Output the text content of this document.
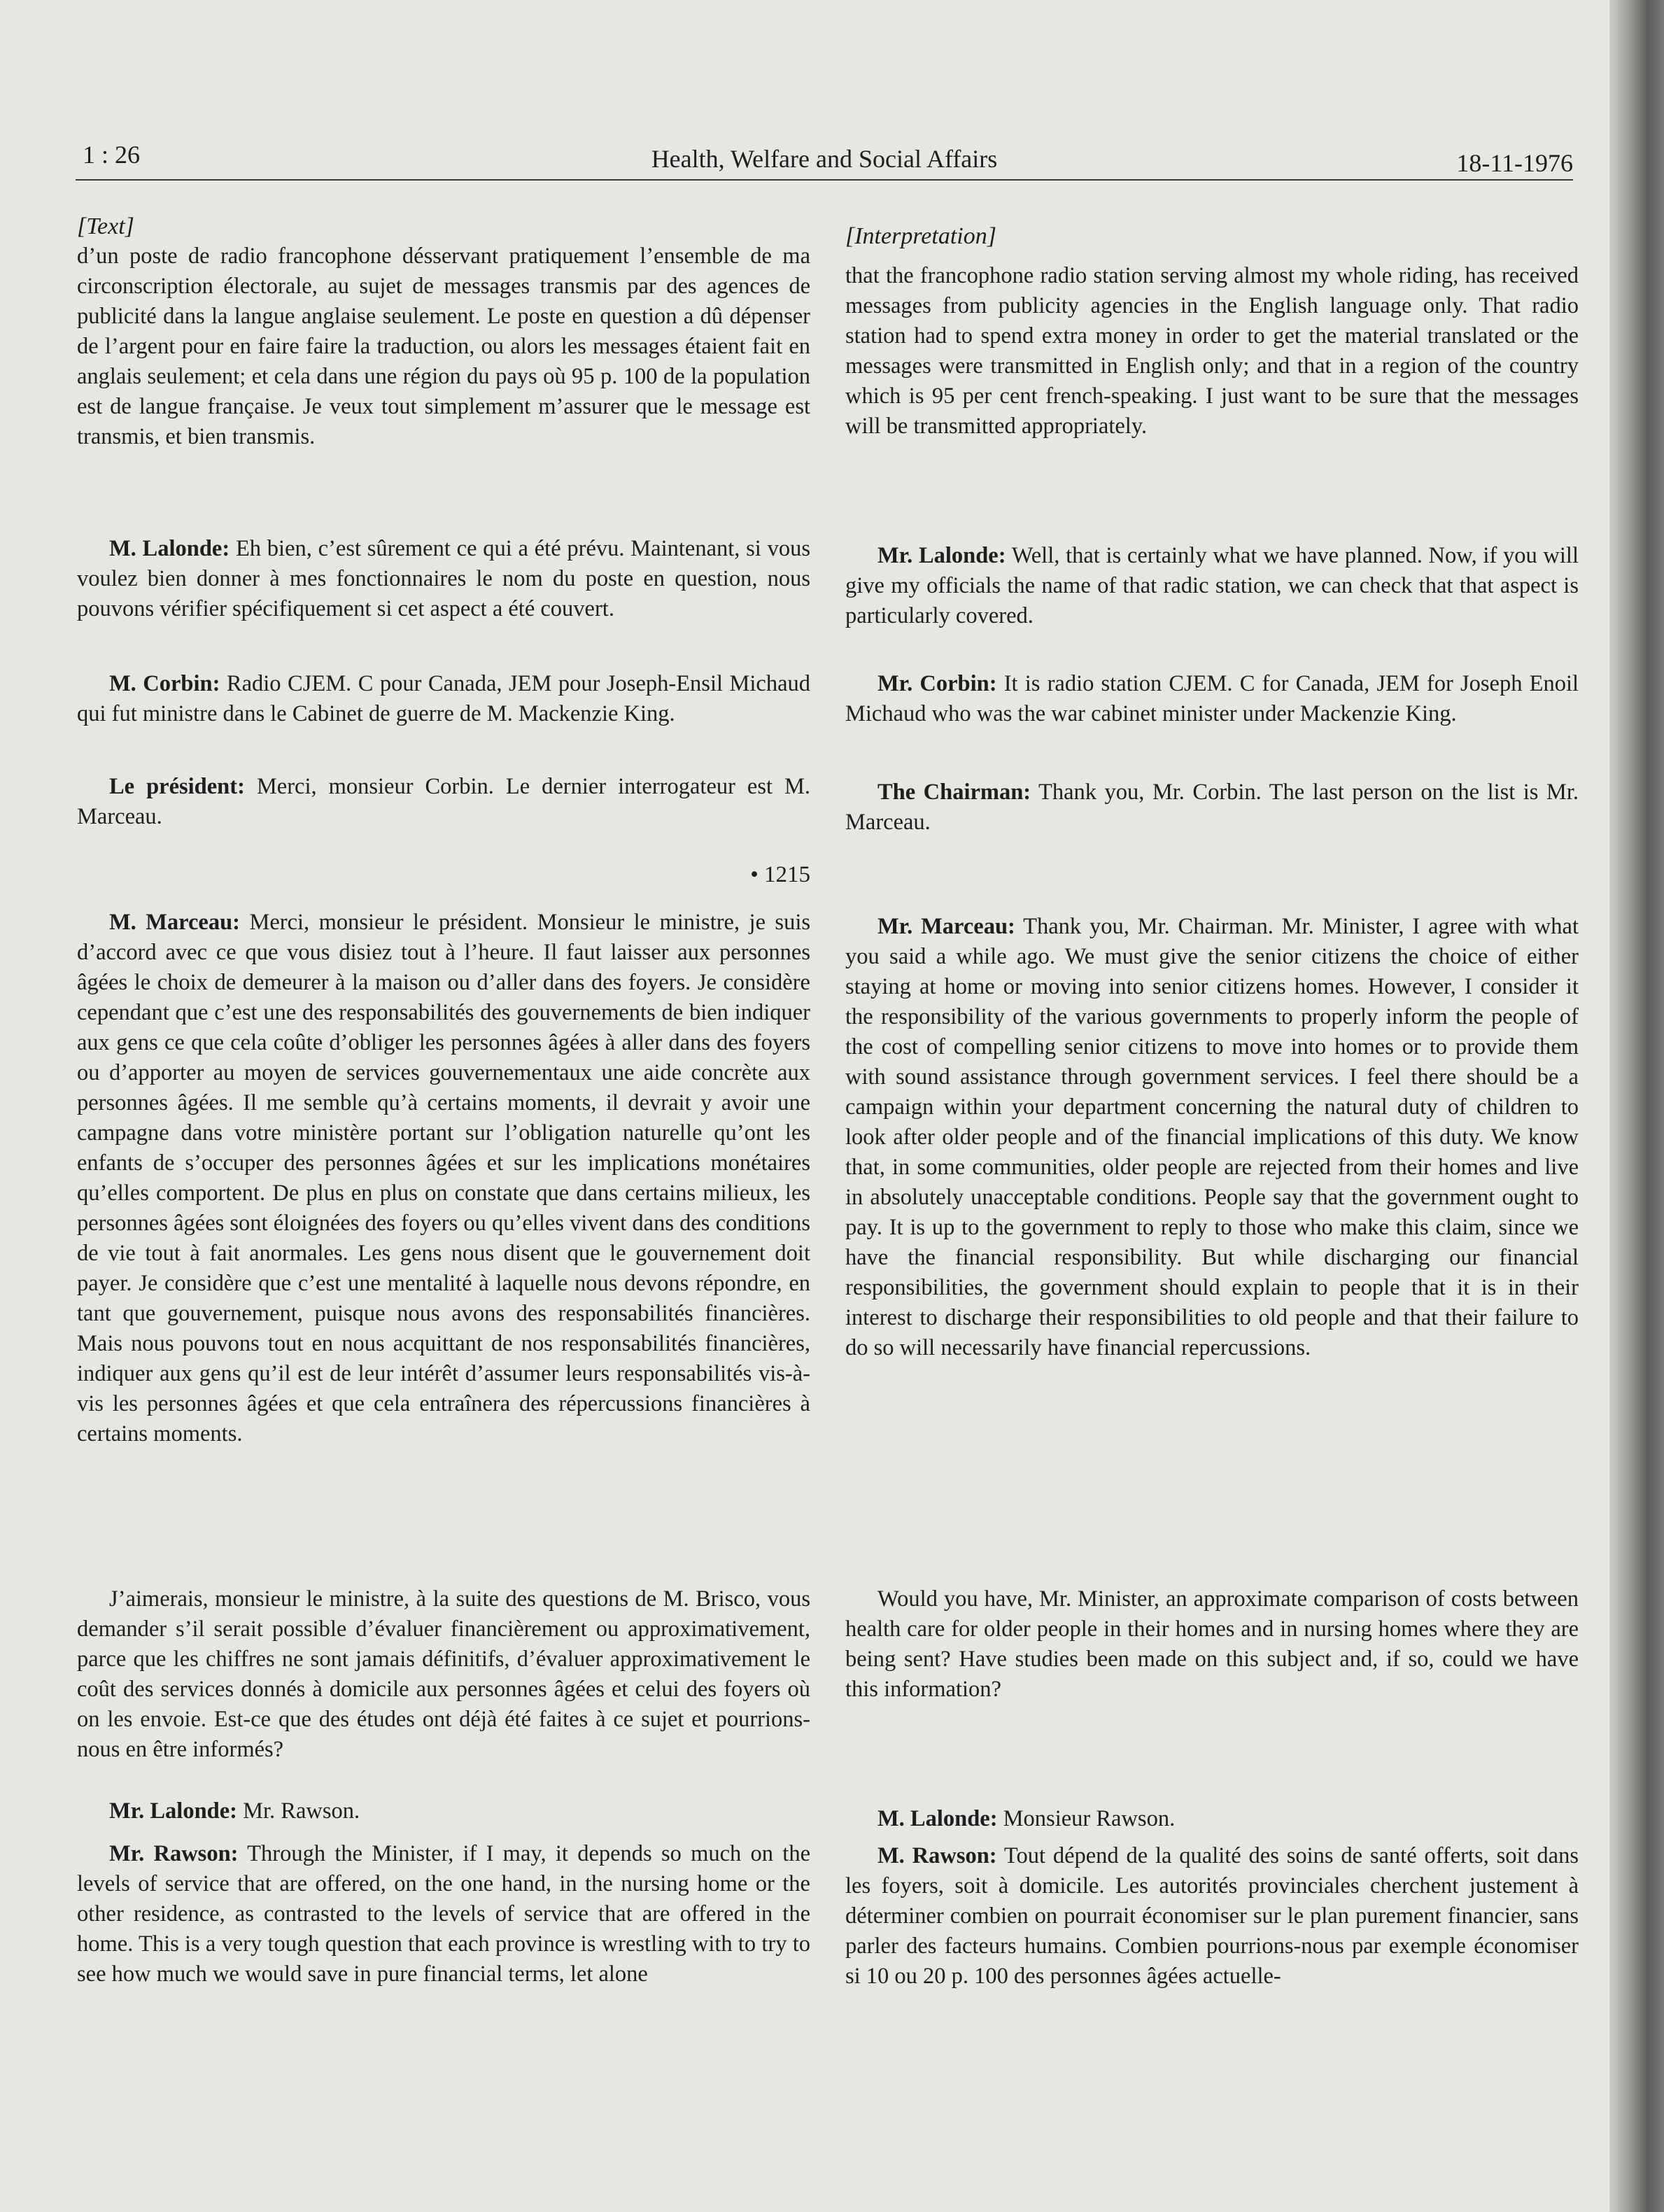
1 : 26	Health, Welfare and Social Affairs	18-11-1976
[Text]

d’un poste de radio francophone désservant pratiquement l’ensemble de ma circonscription électorale, au sujet de messages transmis par des agences de publicité dans la langue anglaise seulement. Le poste en question a dû dépenser de l’argent pour en faire faire la traduction, ou alors les messages étaient fait en anglais seulement; et cela dans une région du pays où 95 p. 100 de la population est de langue française. Je veux tout simplement m’assurer que le message est transmis, et bien transmis.

M. Lalonde: Eh bien, c’est sûrement ce qui a été prévu. Maintenant, si vous voulez bien donner à mes fonctionnaires le nom du poste en question, nous pouvons vérifier spécifiquement si cet aspect a été couvert.

M. Corbin: Radio CJEM. C pour Canada, JEM pour Joseph-Ensil Michaud qui fut ministre dans le Cabinet de guerre de M. Mackenzie King.

Le président: Merci, monsieur Corbin. Le dernier interrogateur est M. Marceau.

• 1215

M. Marceau: Merci, monsieur le président. Monsieur le ministre, je suis d’accord avec ce que vous disiez tout à l’heure. Il faut laisser aux personnes âgées le choix de demeurer à la maison ou d’aller dans des foyers. Je considère cependant que c’est une des responsabilités des gouvernements de bien indiquer aux gens ce que cela coûte d’obliger les personnes âgées à aller dans des foyers ou d’apporter au moyen de services gouvernementaux une aide concrète aux personnes âgées. Il me semble qu’à certains moments, il devrait y avoir une campagne dans votre ministère portant sur l’obligation naturelle qu’ont les enfants de s’occuper des personnes âgées et sur les implications monétaires qu’elles comportent. De plus en plus on constate que dans certains milieux, les personnes âgées sont éloignées des foyers ou qu’elles vivent dans des conditions de vie tout à fait anormales. Les gens nous disent que le gouvernement doit payer. Je considère que c’est une mentalité à laquelle nous devons répondre, en tant que gouvernement, puisque nous avons des responsabilités financières. Mais nous pouvons tout en nous acquittant de nos responsabilités financières, indiquer aux gens qu’il est de leur intérêt d’assumer leurs responsabilités vis-à-vis les personnes âgées et que cela entraînera des répercussions financières à certains moments.

J’aimerais, monsieur le ministre, à la suite des questions de M. Brisco, vous demander s’il serait possible d’évaluer financièrement ou approximativement, parce que les chiffres ne sont jamais définitifs, d’évaluer approximativement le coût des services donnés à domicile aux personnes âgées et celui des foyers où on les envoie. Est-ce que des études ont déjà été faites à ce sujet et pourrions-nous en être informés?

Mr. Lalonde: Mr. Rawson.

Mr. Rawson: Through the Minister, if I may, it depends so much on the levels of service that are offered, on the one hand, in the nursing home or the other residence, as contrasted to the levels of service that are offered in the home. This is a very tough question that each province is wrestling with to try to see how much we would save in pure financial terms, let alone

[Interpretation]

that the francophone radio station serving almost my whole riding, has received messages from publicity agencies in the English language only. That radio station had to spend extra money in order to get the material translated or the messages were transmitted in English only; and that in a region of the country which is 95 per cent french-speaking. I just want to be sure that the messages will be transmitted appropriately.

Mr. Lalonde: Well, that is certainly what we have planned. Now, if you will give my officials the name of that radic station, we can check that that aspect is particularly covered.

Mr. Corbin: It is radio station CJEM. C for Canada, JEM for Joseph Enoil Michaud who was the war cabinet minister under Mackenzie King.

The Chairman: Thank you, Mr. Corbin. The last person on the list is Mr. Marceau.

Mr. Marceau: Thank you, Mr. Chairman. Mr. Minister, I agree with what you said a while ago. We must give the senior citizens the choice of either staying at home or moving into senior citizens homes. However, I consider it the responsibility of the various governments to properly inform the people of the cost of compelling senior citizens to move into homes or to provide them with sound assistance through government services. I feel there should be a campaign within your department concerning the natural duty of children to look after older people and of the financial implications of this duty. We know that, in some communities, older people are rejected from their homes and live in absolutely unacceptable conditions. People say that the government ought to pay. It is up to the government to reply to those who make this claim, since we have the financial responsibility. But while discharging our financial responsibilities, the government should explain to people that it is in their interest to discharge their responsibilities to old people and that their failure to do so will necessarily have financial repercussions.

Would you have, Mr. Minister, an approximate comparison of costs between health care for older people in their homes and in nursing homes where they are being sent? Have studies been made on this subject and, if so, could we have this information?

M. Lalonde: Monsieur Rawson.

M. Rawson: Tout dépend de la qualité des soins de santé offerts, soit dans les foyers, soit à domicile. Les autorités provinciales cherchent justement à déterminer combien on pourrait économiser sur le plan purement financier, sans parler des facteurs humains. Combien pourrions-nous par exemple économiser si 10 ou 20 p. 100 des personnes âgées actuelle-
